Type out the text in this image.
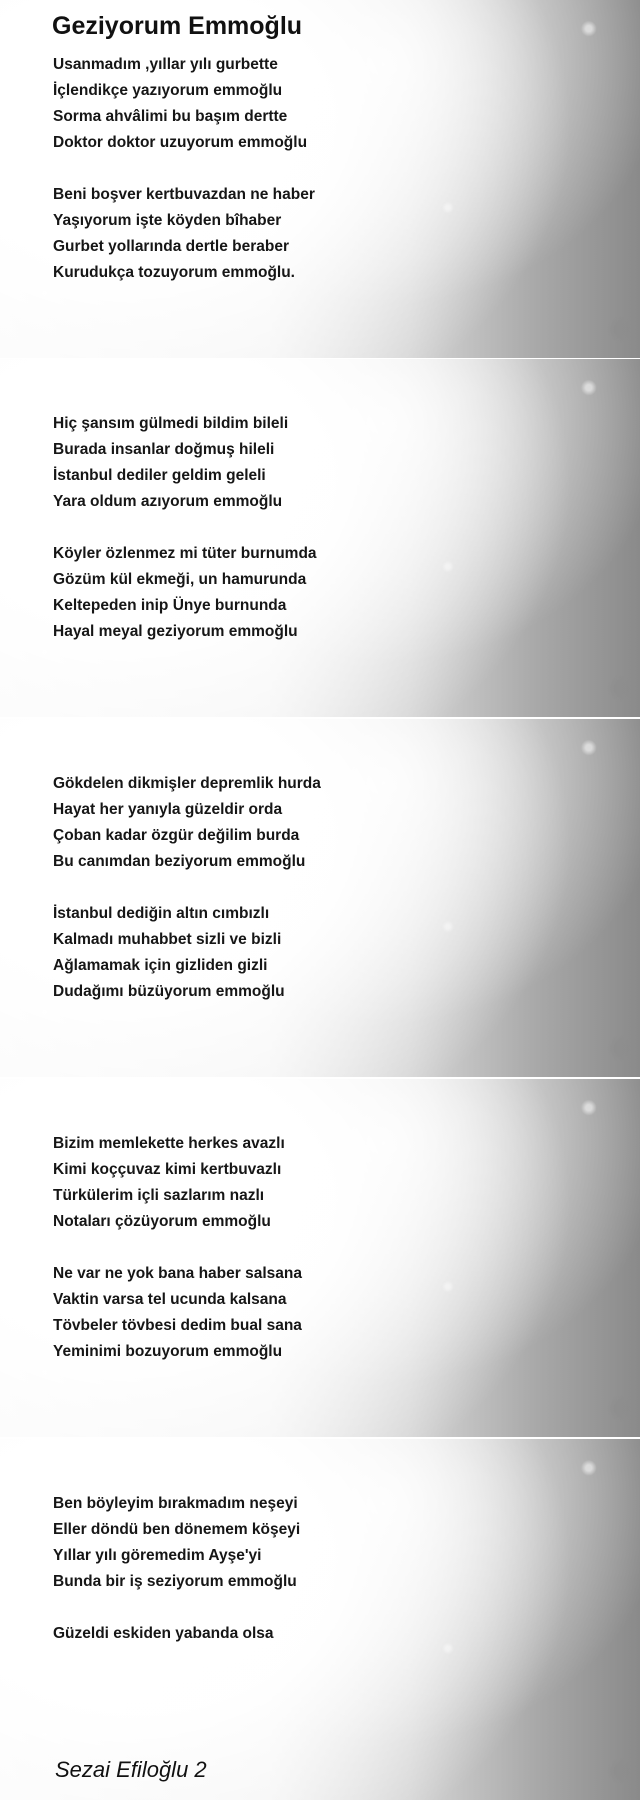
Geziyorum Emmoğlu
Usanmadım ,yıllar yılı gurbette
İçlendikçe yazıyorum emmoğlu
Sorma ahvâlimi bu başım dertte
Doktor doktor uzuyorum emmoğlu
Beni boşver kertbuvazdan ne haber
Yaşıyorum işte köyden bîhaber
Gurbet yollarında dertle beraber
Kurudukça tozuyorum emmoğlu.
Hiç şansım gülmedi bildim bileli
Burada insanlar doğmuş hileli
İstanbul dediler geldim geleli
Yara oldum azıyorum emmoğlu
Köyler özlenmez mi tüter burnumda
Gözüm kül ekmeği, un hamurunda
Keltepeden inip Ünye burnunda
Hayal meyal geziyorum emmoğlu
Gökdelen dikmişler depremlik hurda
Hayat her yanıyla güzeldir orda
Çoban kadar özgür değilim burda
Bu canımdan beziyorum emmoğlu
İstanbul dediğin altın cımbızlı
Kalmadı muhabbet sizli ve bizli
Ağlamamak için gizliden gizli
Dudağımı büzüyorum emmoğlu
Bizim memlekette herkes avazlı
Kimi koççuvaz kimi kertbuvazlı
Türkülerim içli sazlarım nazlı
Notaları çözüyorum emmoğlu
Ne var ne yok bana haber salsana
Vaktin varsa tel ucunda kalsana
Tövbeler tövbesi dedim bual sana
Yeminimi bozuyorum emmoğlu
Ben böyleyim bırakmadım neşeyi
Eller döndü ben dönemem köşeyi
Yıllar yılı göremedim Ayşe'yi
Bunda bir iş seziyorum emmoğlu
Güzeldi eskiden yabanda olsa
Sezai Efiloğlu 2
